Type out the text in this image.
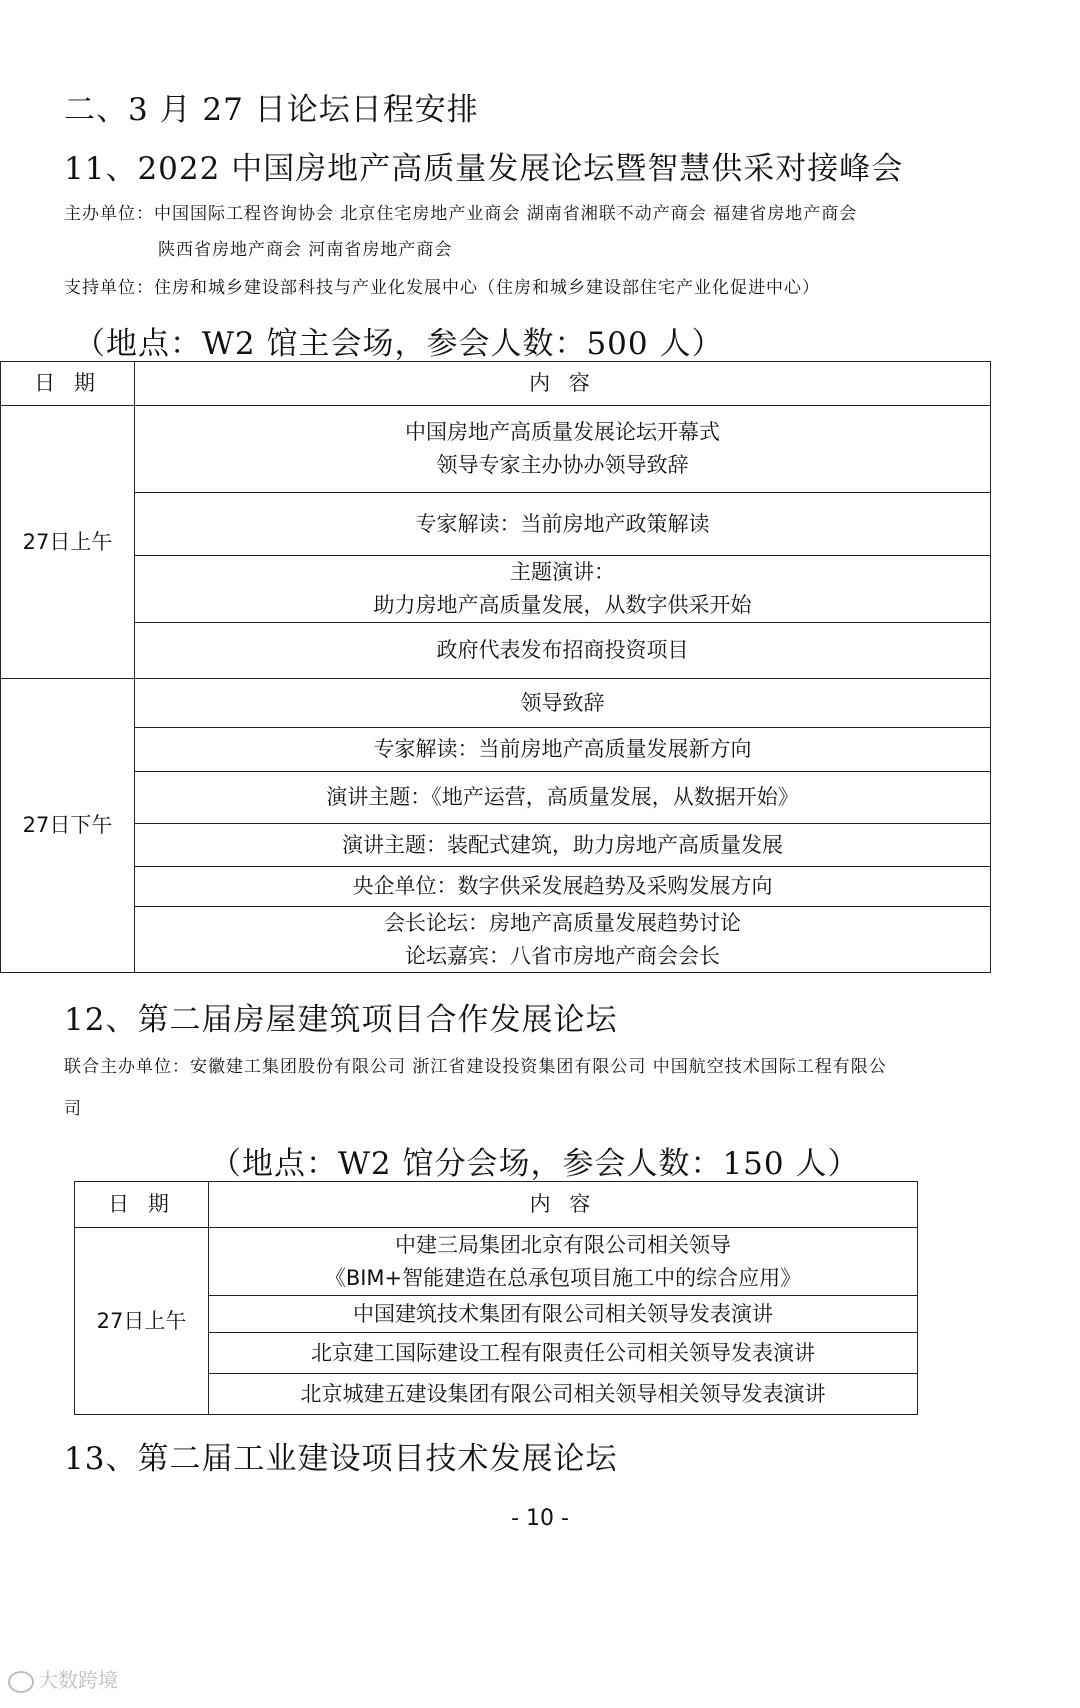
二、3 月 27 日论坛日程安排
11、2022 中国房地产高质量发展论坛暨智慧供采对接峰会
主办单位：中国国际工程咨询协会 北京住宅房地产业商会 湖南省湘联不动产商会 福建省房地产商会
陕西省房地产商会 河南省房地产商会
支持单位：住房和城乡建设部科技与产业化发展中心（住房和城乡建设部住宅产业化促进中心）
（地点：W2 馆主会场，参会人数：500 人）
日 期	内 容
27日上午	中国房地产高质量发展论坛开幕式
领导专家主办协办领导致辞

	专家解读：当前房地产政策解读

	主题演讲：
助力房地产高质量发展，从数字供采开始

	政府代表发布招商投资项目
27日下午	领导致辞
	专家解读：当前房地产高质量发展新方向
	演讲主题：《地产运营，高质量发展，从数据开始》
	演讲主题：装配式建筑，助力房地产高质量发展
	央企单位：数字供采发展趋势及采购发展方向

	会长论坛：房地产高质量发展趋势讨论
论坛嘉宾：八省市房地产商会会长
12、第二届房屋建筑项目合作发展论坛
联合主办单位：安徽建工集团股份有限公司 浙江省建设投资集团有限公司 中国航空技术国际工程有限公
司
（地点：W2 馆分会场，参会人数：150 人）
日 期	内 容
27日上午	中建三局集团北京有限公司相关领导
《BIM+智能建造在总承包项目施工中的综合应用》

	中国建筑技术集团有限公司相关领导发表演讲
	北京建工国际建设工程有限责任公司相关领导发表演讲
	北京城建五建设集团有限公司相关领导相关领导发表演讲
13、第二届工业建设项目技术发展论坛
- 10 -
大数跨境
